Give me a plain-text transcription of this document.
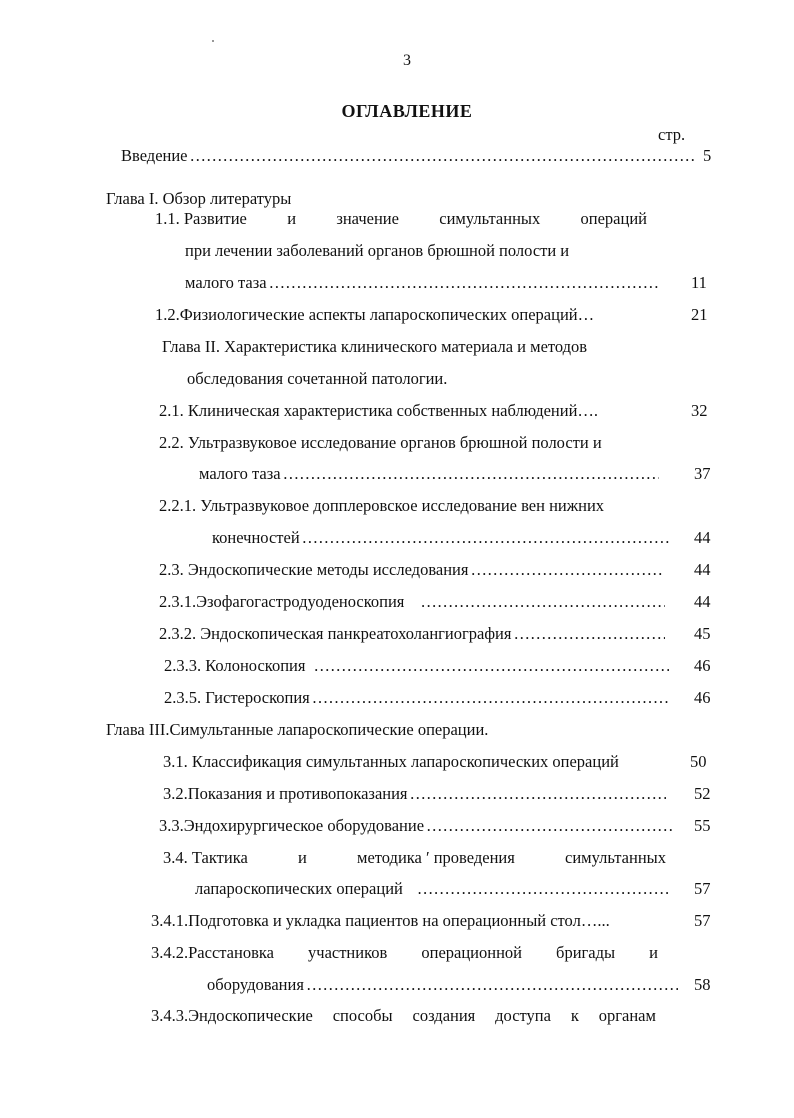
3
ОГЛАВЛЕНИЕ
стр.
Введение ………………………………………………………………………………………………………………………………………………………………………………	5
Глава I. Обзор литературы
1.1. Развитие и значение симультанных операций
при лечении заболеваний органов брюшной полости и
малого таза ………………………………………………………………………………………………………………………………………………………………………………	11
1.2.Физиологические аспекты лапароскопических операций…	21
Глава II. Характеристика клинического материала и методов
обследования сочетанной патологии.
2.1. Клиническая характеристика собственных наблюдений….	32
2.2. Ультразвуковое исследование органов брюшной полости и
малого таза ………………………………………………………………………………………………………………………………………………………………………………	37
2.2.1. Ультразвуковое допплеровское исследование вен нижних
конечностей ………………………………………………………………………………………………………………………………………………………………………………	44
2.3. Эндоскопические методы исследования ………………………………………………………………………………………………………………………………………………………………………………	44
2.3.1.Эзофагогастродуоденоскопия ………………………………………………………………………………………………………………………………………………………………………………	44
2.3.2. Эндоскопическая панкреатохолангиография ………………………………………………………………………………………………………………………………………………………………………………	45
2.3.3. Колоноскопия ………………………………………………………………………………………………………………………………………………………………………………	46
2.3.5. Гистероскопия ………………………………………………………………………………………………………………………………………………………………………………	46
Глава III.Симультанные лапароскопические операции.
3.1. Классификация симультанных лапароскопических операций	50
3.2.Показания и противопоказания ………………………………………………………………………………………………………………………………………………………………………………	52
3.3.Эндохирургическое оборудование ………………………………………………………………………………………………………………………………………………………………………………	55
3.4. Тактика	и	методика ʹ проведения	симультанных
лапароскопических операций ………………………………………………………………………………………………………………………………………………………………………………	57
3.4.1.Подготовка и укладка пациентов на операционный стол…...	57
3.4.2.Расстановка участников операционной бригады и
оборудования ………………………………………………………………………………………………………………………………………………………………………………	58
3.4.3.Эндоскопические способы создания доступа к органам
